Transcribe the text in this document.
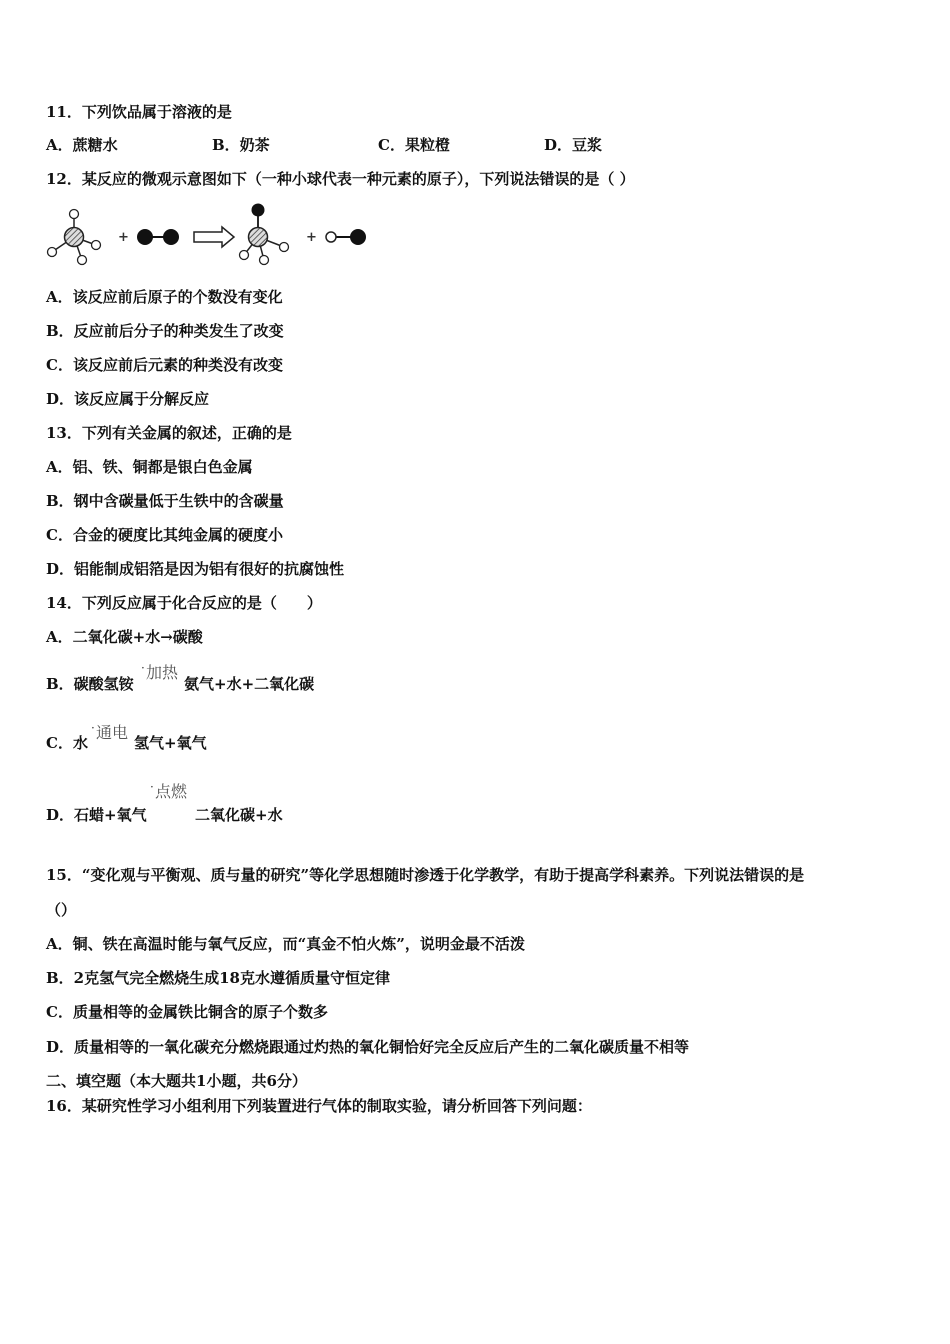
11．下列饮品属于溶液的是
A．蔗糖水	B．奶茶	C．果粒橙	D．豆浆
12．某反应的微观示意图如下（一种小球代表一种元素的原子），下列说法错误的是（ ）
+	+
A．该反应前后原子的个数没有变化
B．反应前后分子的种类发生了改变
C．该反应前后元素的种类没有改变
D．该反应属于分解反应
13．下列有关金属的叙述，正确的是
A．铝、铁、铜都是银白色金属
B．钢中含碳量低于生铁中的含碳量
C．合金的硬度比其纯金属的硬度小
D．铝能制成铝箔是因为铝有很好的抗腐蚀性
14．下列反应属于化合反应的是（　　）
A．二氧化碳+水→碳酸
B．碳酸氢铵
· 加热
氨气+水+二氧化碳
C．水
· 通电
氢气+氧气
· 点燃
D．石蜡+氧气	二氧化碳+水
15．“变化观与平衡观、质与量的研究”等化学思想随时渗透于化学教学，有助于提高学科素养。下列说法错误的是
（）
A．铜、铁在高温时能与氧气反应，而“真金不怕火炼”，说明金最不活泼
B．2克氢气完全燃烧生成18克水遵循质量守恒定律
C．质量相等的金属铁比铜含的原子个数多
D．质量相等的一氧化碳充分燃烧跟通过灼热的氧化铜恰好完全反应后产生的二氧化碳质量不相等
二、填空题（本大题共1小题，共6分）
16．某研究性学习小组利用下列装置进行气体的制取实验，请分析回答下列问题：
